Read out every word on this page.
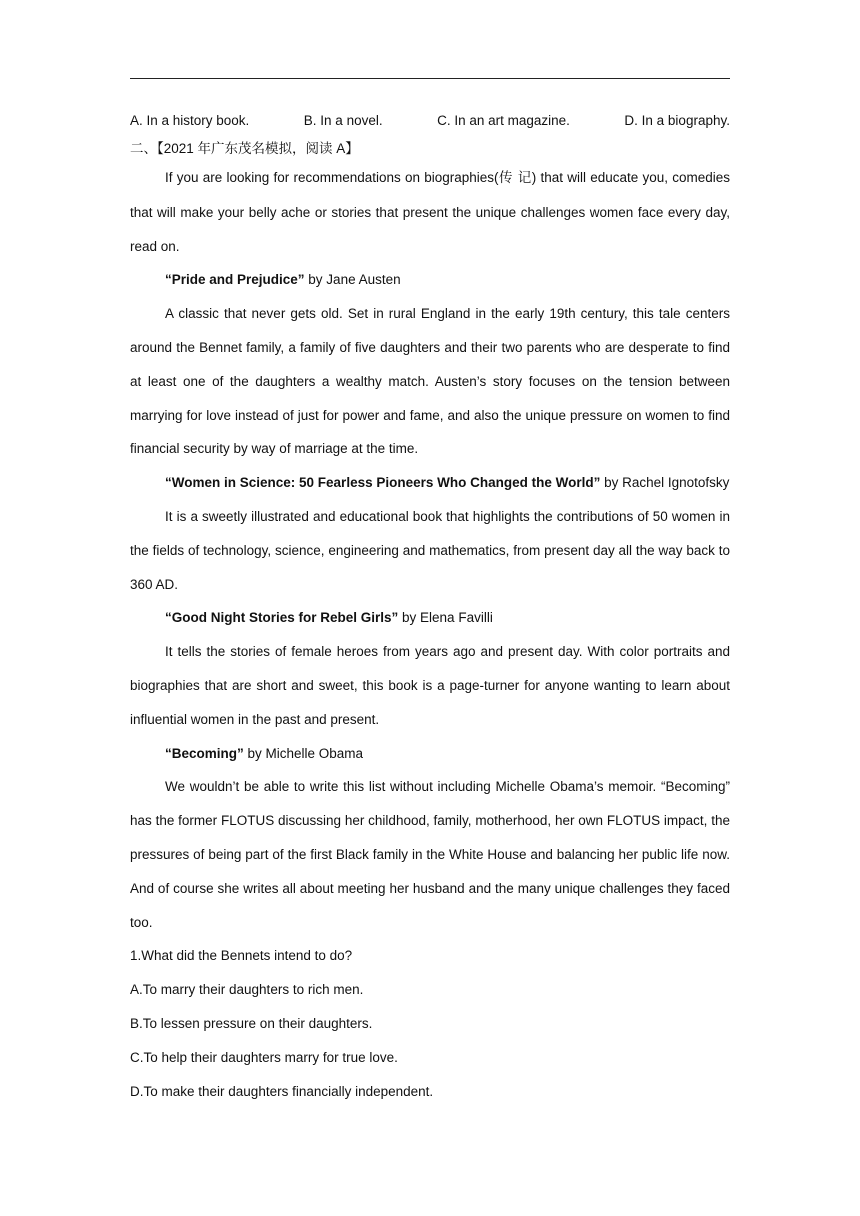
A. In a history book.	B. In a novel.	C. In an art magazine.	D. In a biography.
二、【2021 年广东茂名模拟，阅读 A】

If you are looking for recommendations on biographies(传 记) that will educate you, comedies that will make your belly ache or stories that present the unique challenges women face every day, read on.

“Pride and Prejudice” by Jane Austen

A classic that never gets old. Set in rural England in the early 19th century, this tale centers around the Bennet family, a family of five daughters and their two parents who are desperate to find at least one of the daughters a wealthy match. Austen’s story focuses on the tension between marrying for love instead of just for power and fame, and also the unique pressure on women to find financial security by way of marriage at the time.

“Women in Science: 50 Fearless Pioneers Who Changed the World” by Rachel Ignotofsky

It is a sweetly illustrated and educational book that highlights the contributions of 50 women in the fields of technology, science, engineering and mathematics, from present day all the way back to 360 AD.

“Good Night Stories for Rebel Girls” by Elena Favilli

It tells the stories of female heroes from years ago and present day. With color portraits and biographies that are short and sweet, this book is a page-turner for anyone wanting to learn about influential women in the past and present.

“Becoming” by Michelle Obama

We wouldn’t be able to write this list without including Michelle Obama’s memoir. “Becoming” has the former FLOTUS discussing her childhood, family, motherhood, her own FLOTUS impact, the pressures of being part of the first Black family in the White House and balancing her public life now. And of course she writes all about meeting her husband and the many unique challenges they faced too.

1.What did the Bennets intend to do?

A.To marry their daughters to rich men.

B.To lessen pressure on their daughters.

C.To help their daughters marry for true love.

D.To make their daughters financially independent.
